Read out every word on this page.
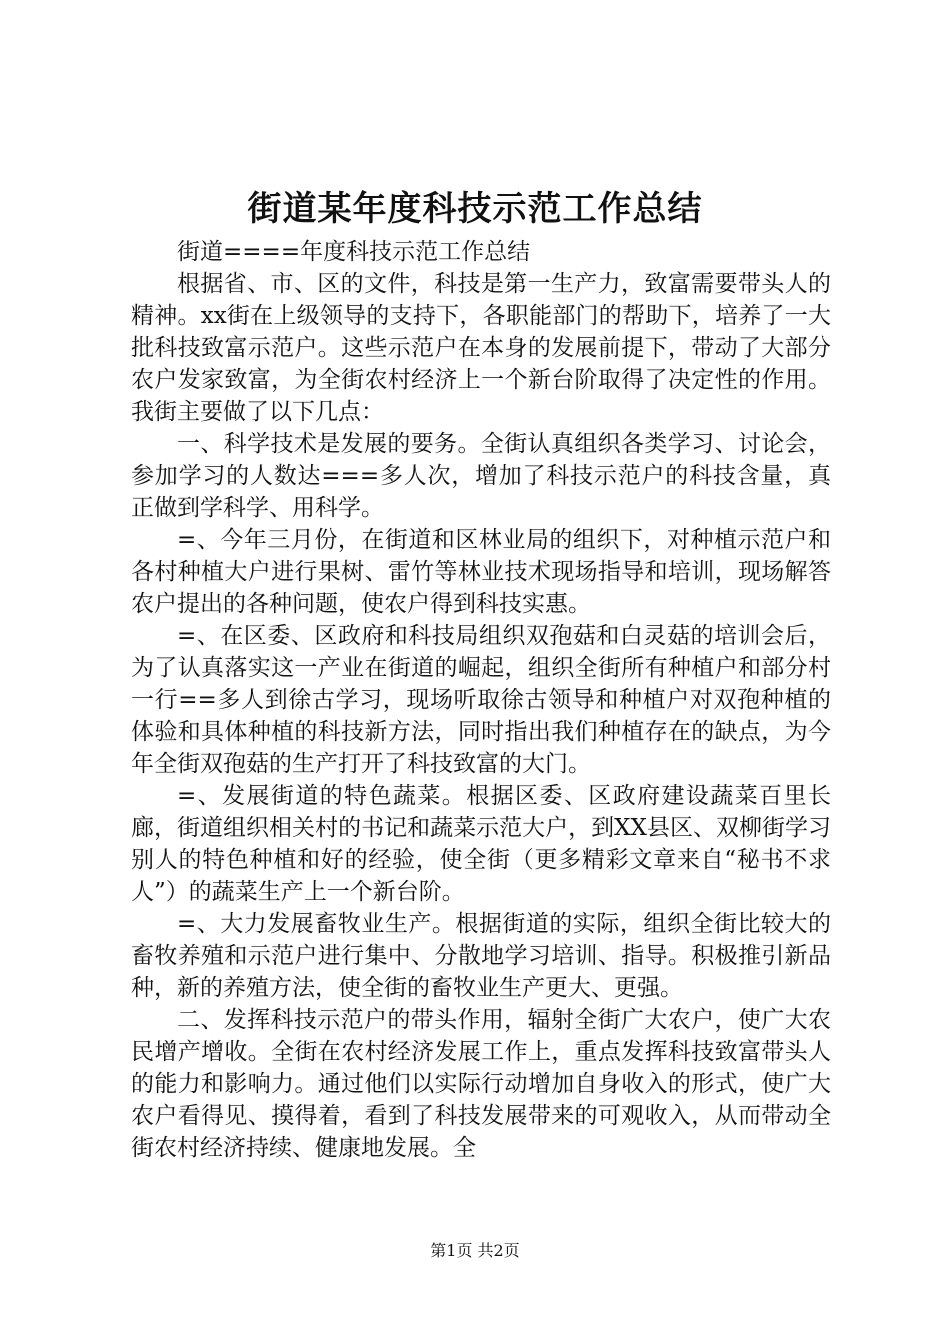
街道某年度科技示范工作总结

街道====年度科技示范工作总结

根据省、市、区的文件，科技是第一生产力，致富需要带头人的精神。xx街在上级领导的支持下，各职能部门的帮助下，培养了一大批科技致富示范户。这些示范户在本身的发展前提下，带动了大部分农户发家致富，为全街农村经济上一个新台阶取得了决定性的作用。我街主要做了以下几点：

一、科学技术是发展的要务。全街认真组织各类学习、讨论会，参加学习的人数达===多人次，增加了科技示范户的科技含量，真正做到学科学、用科学。

=、今年三月份，在街道和区林业局的组织下，对种植示范户和各村种植大户进行果树、雷竹等林业技术现场指导和培训，现场解答农户提出的各种问题，使农户得到科技实惠。

=、在区委、区政府和科技局组织双孢菇和白灵菇的培训会后，为了认真落实这一产业在街道的崛起，组织全街所有种植户和部分村一行==多人到徐古学习，现场听取徐古领导和种植户对双孢种植的体验和具体种植的科技新方法，同时指出我们种植存在的缺点，为今年全街双孢菇的生产打开了科技致富的大门。

=、发展街道的特色蔬菜。根据区委、区政府建设蔬菜百里长廊，街道组织相关村的书记和蔬菜示范大户，到XX县区、双柳街学习别人的特色种植和好的经验，使全街（更多精彩文章来自“秘书不求人”）的蔬菜生产上一个新台阶。

=、大力发展畜牧业生产。根据街道的实际，组织全街比较大的畜牧养殖和示范户进行集中、分散地学习培训、指导。积极推引新品种，新的养殖方法，使全街的畜牧业生产更大、更强。

二、发挥科技示范户的带头作用，辐射全街广大农户，使广大农民增产增收。全街在农村经济发展工作上，重点发挥科技致富带头人的能力和影响力。通过他们以实际行动增加自身收入的形式，使广大农户看得见、摸得着，看到了科技发展带来的可观收入，从而带动全街农村经济持续、健康地发展。全

第1页 共2页
